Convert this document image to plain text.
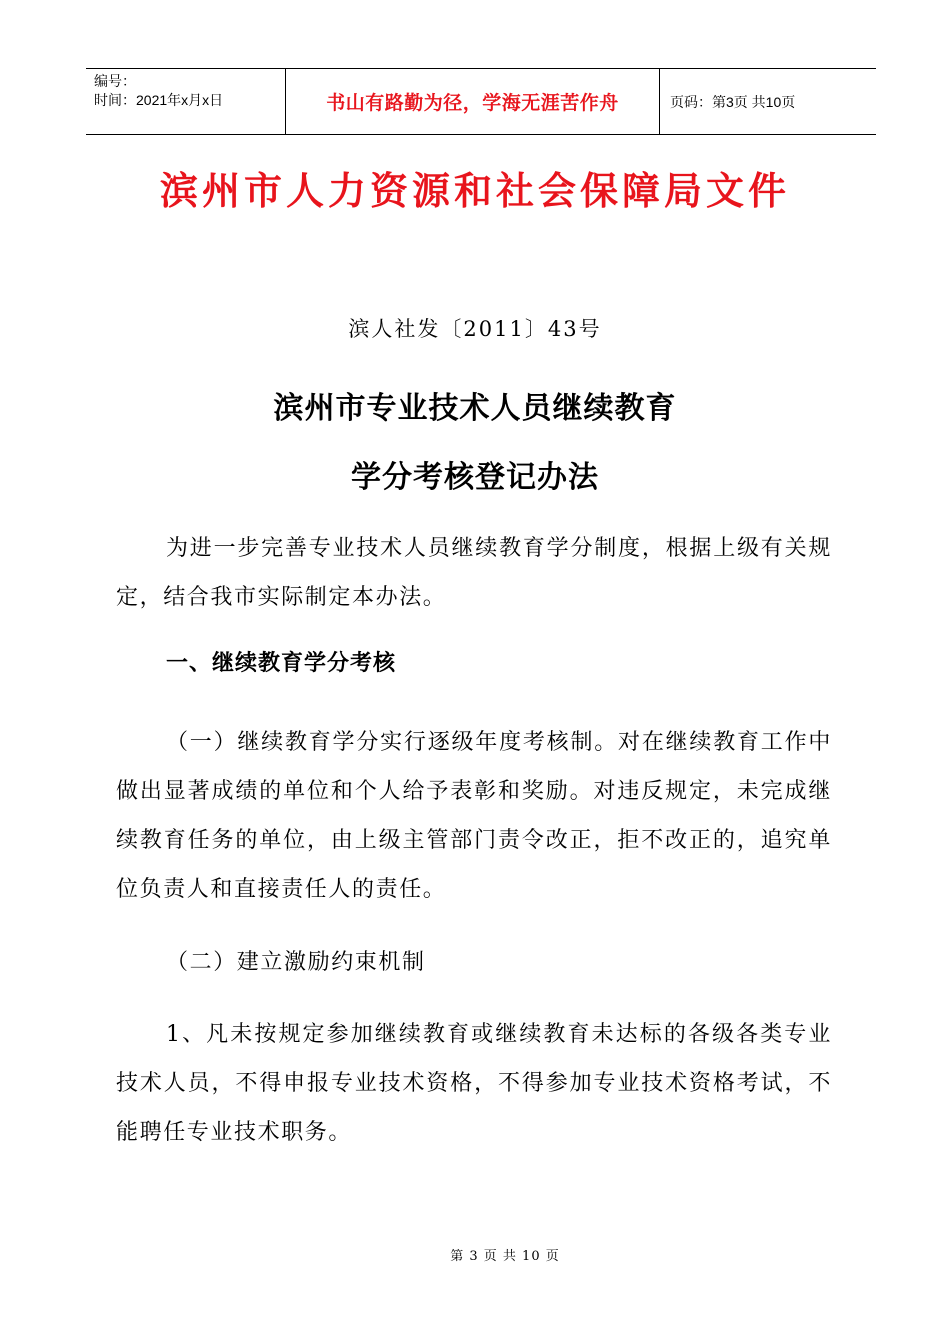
编号：
时间：2021年x月x日	书山有路勤为径，学海无涯苦作舟	页码：第3页 共10页
滨州市人力资源和社会保障局文件
滨人社发〔2011〕43号
滨州市专业技术人员继续教育
学分考核登记办法
为进一步完善专业技术人员继续教育学分制度，根据上级有关规定，结合我市实际制定本办法。
一、继续教育学分考核
（一）继续教育学分实行逐级年度考核制。对在继续教育工作中做出显著成绩的单位和个人给予表彰和奖励。对违反规定，未完成继续教育任务的单位，由上级主管部门责令改正，拒不改正的，追究单位负责人和直接责任人的责任。
（二）建立激励约束机制
1、凡未按规定参加继续教育或继续教育未达标的各级各类专业技术人员，不得申报专业技术资格，不得参加专业技术资格考试，不能聘任专业技术职务。
第 3 页 共 10 页
